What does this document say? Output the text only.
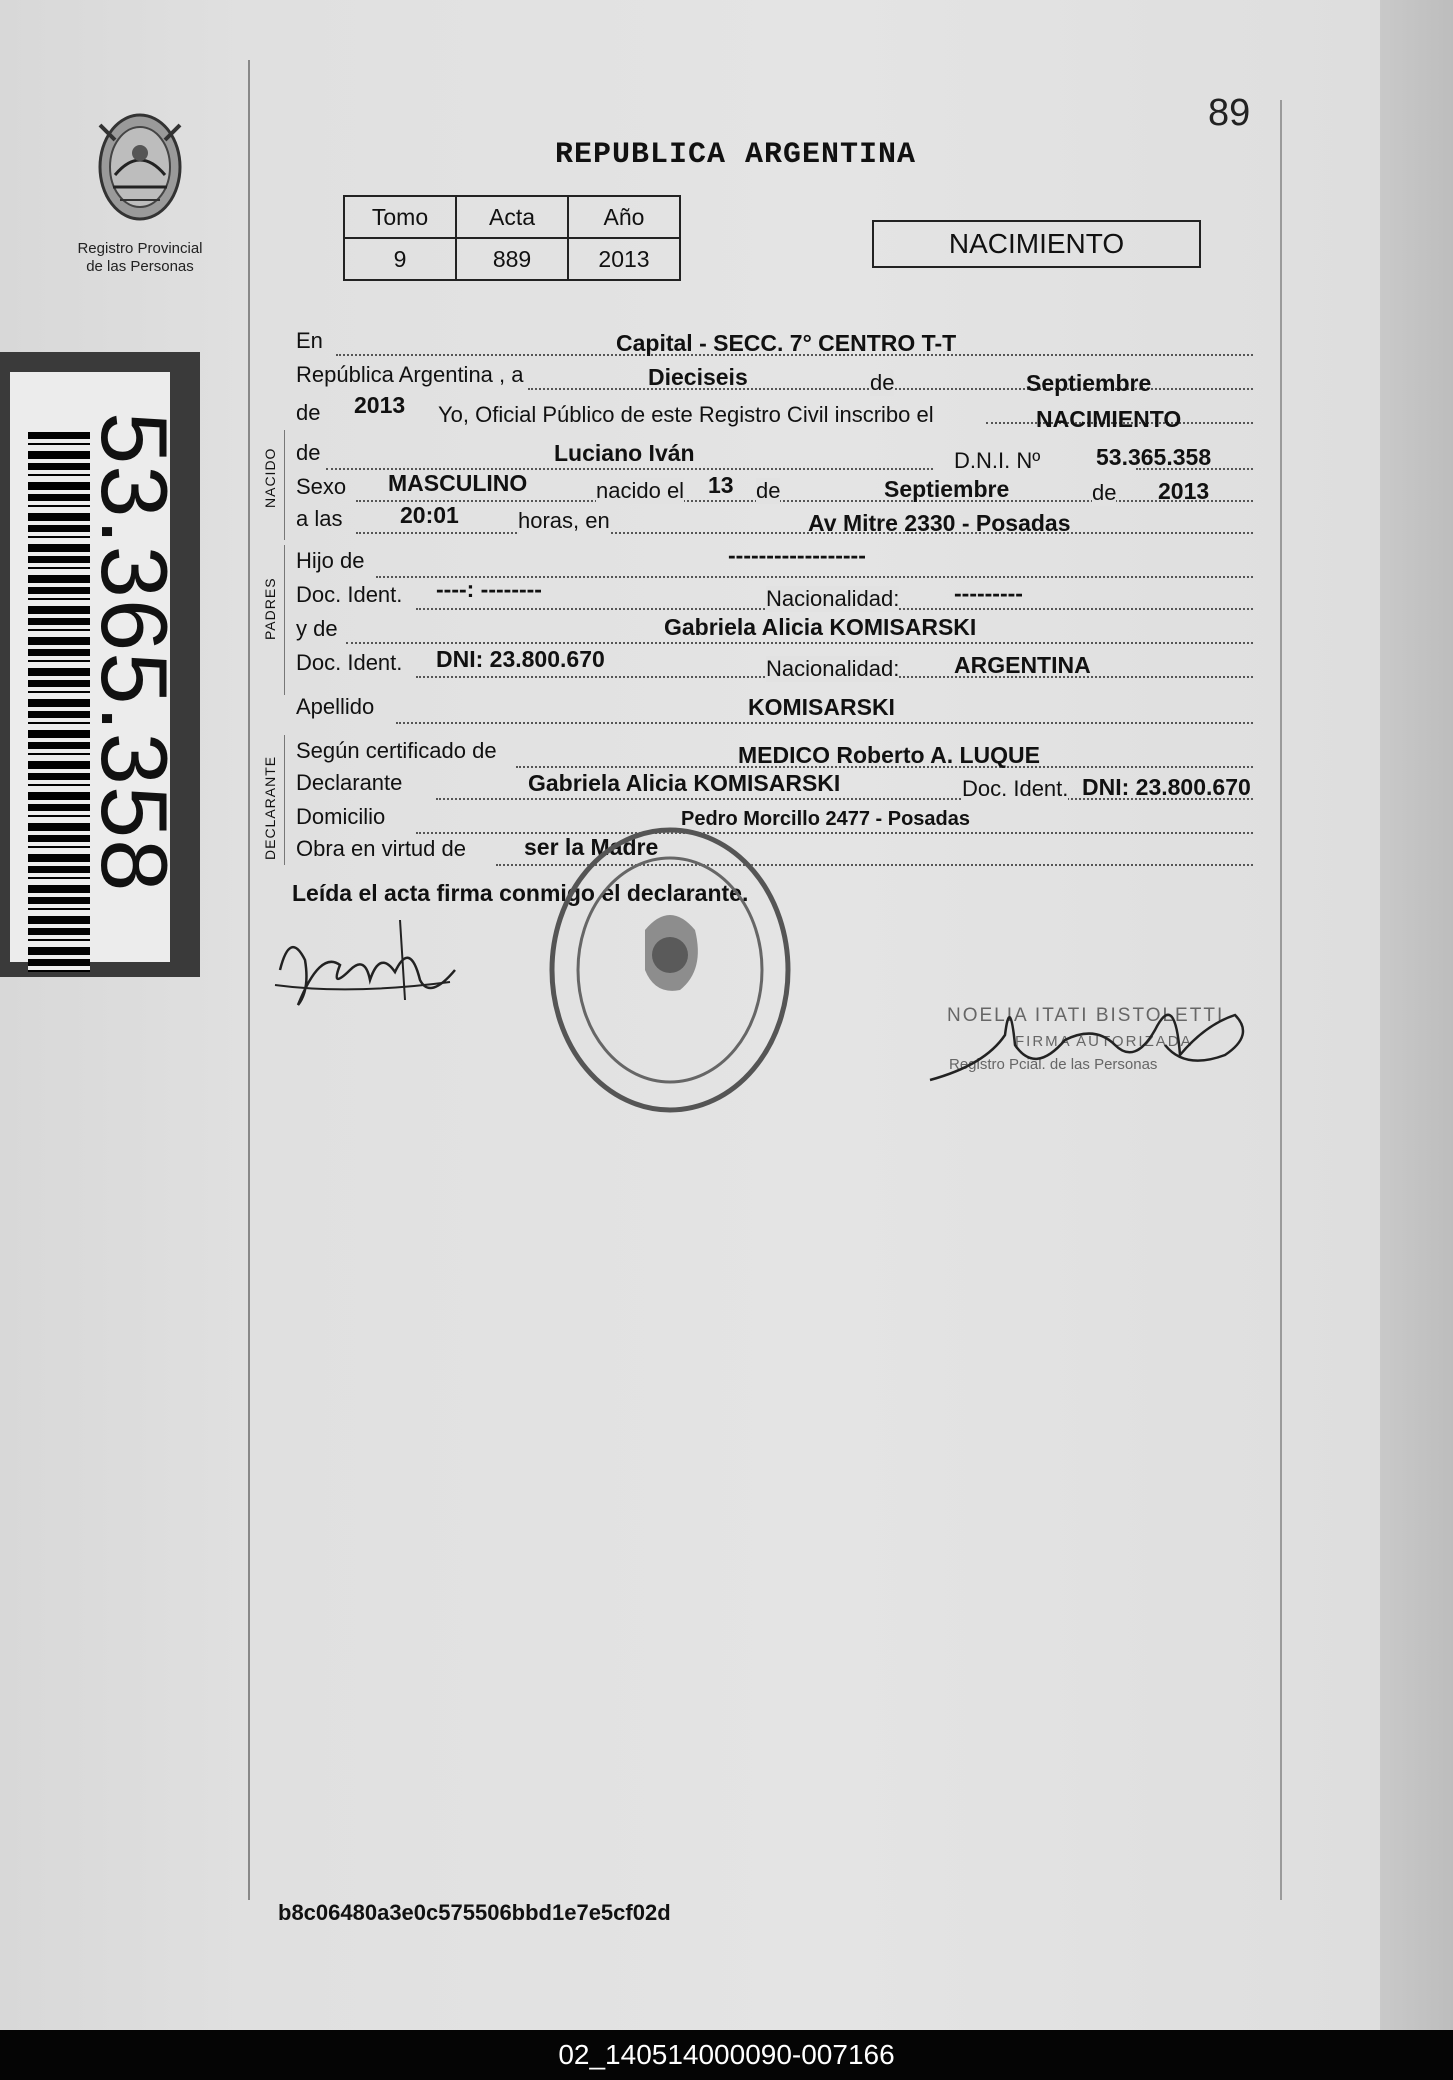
Registro Provincial
de las Personas
53.365.358
89
REPUBLICA ARGENTINA
Tomo	Acta	Año
9	889	2013	NACIMIENTO
NACIDO
PADRES
DECLARANTE
En	Capital - SECC. 7° CENTRO T-T
República Argentina , a	Dieciseis	de	Septiembre
de 2013 Yo, Oficial Público de este Registro Civil inscribo el	NACIMIENTO
de	Luciano Iván	D.N.I. Nº 53.365.358
Sexo MASCULINO	nacido el 13 de	Septiembre	de 2013
a las	20:01	horas, en	Av Mitre 2330 - Posadas
Hijo de	------------------
Doc. Ident. ----: --------	Nacionalidad: ---------
y de	Gabriela Alicia KOMISARSKI
Doc. Ident. DNI: 23.800.670	Nacionalidad: ARGENTINA
Apellido	KOMISARSKI
Según certificado de	MEDICO Roberto A. LUQUE
Declarante	Gabriela Alicia KOMISARSKI	Doc. Ident. DNI: 23.800.670
Domicilio	Pedro Morcillo 2477 - Posadas
Obra en virtud de	ser la Madre
Leída el acta firma conmigo el declarante.
NOELIA ITATI BISTOLETTI
FIRMA AUTORIZADA
Registro Pcial. de las Personas
b8c06480a3e0c575506bbd1e7e5cf02d
02_140514000090-007166
